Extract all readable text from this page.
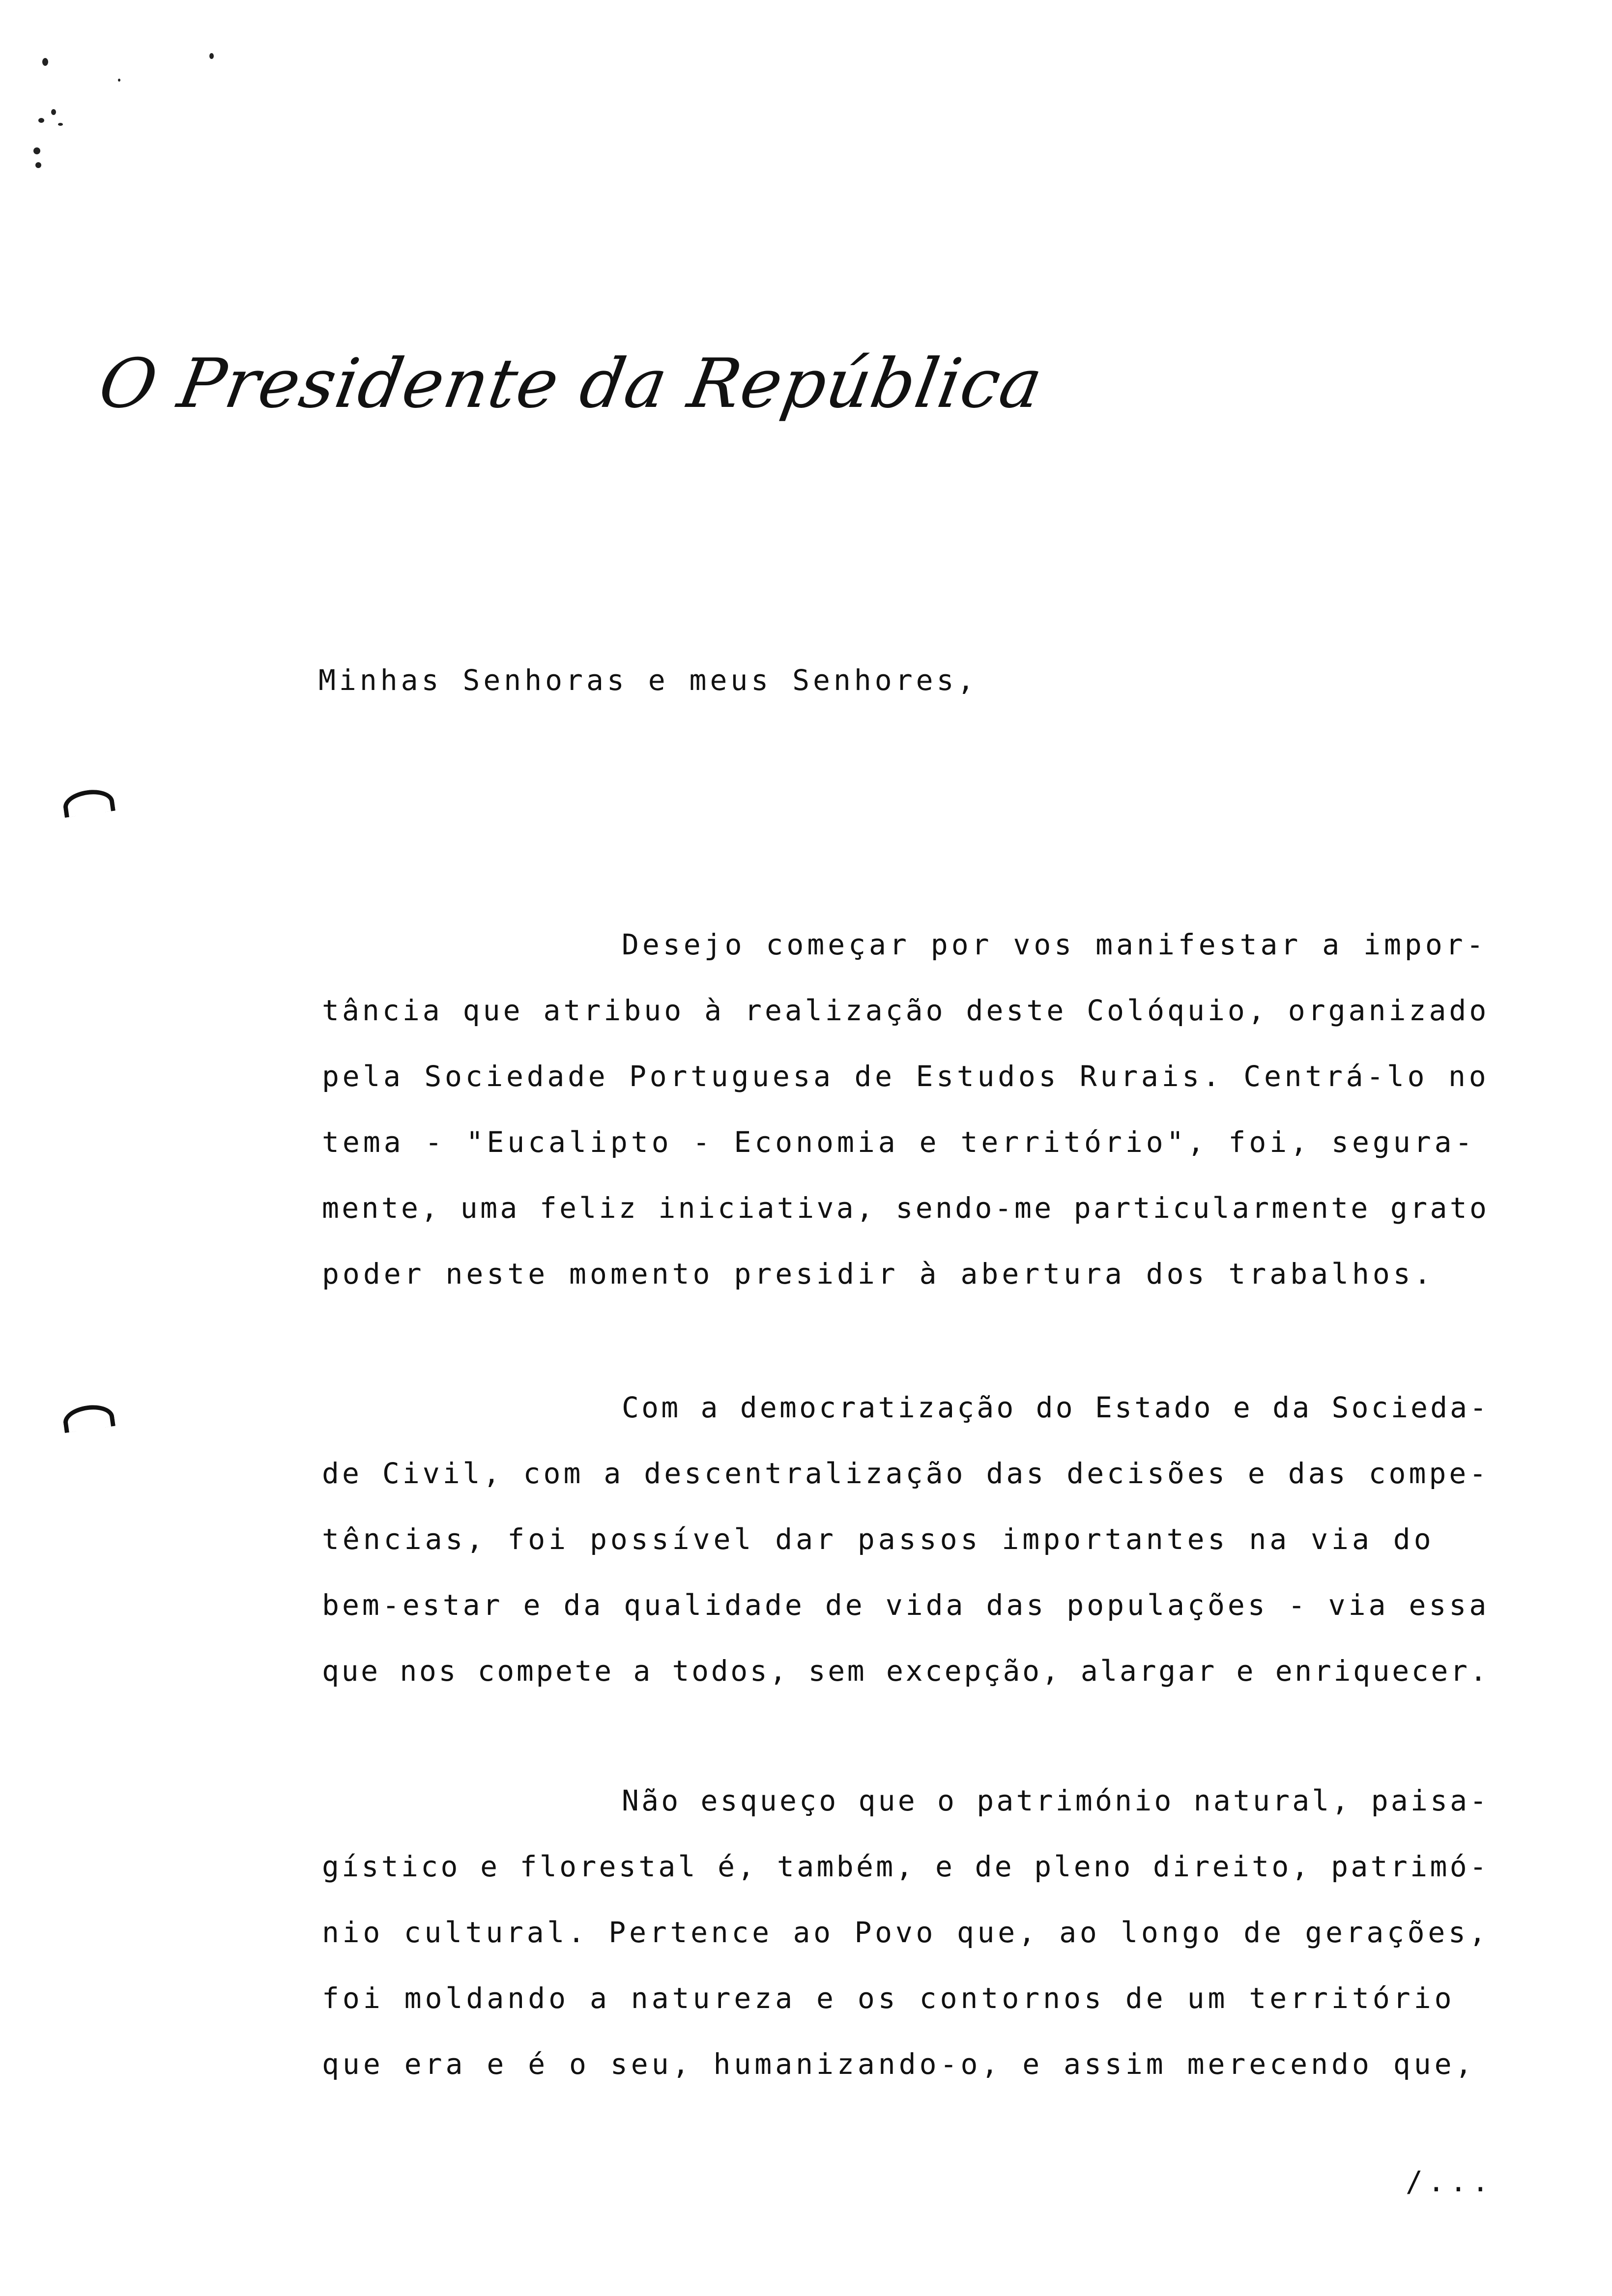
O Presidente da República
Minhas Senhoras e meus Senhores,
Desejo começar por vos manifestar a impor-
tância que atribuo à realização deste Colóquio, organizado
pela Sociedade Portuguesa de Estudos Rurais. Centrá-lo no
tema - "Eucalipto - Economia e território", foi, segura-
mente, uma feliz iniciativa, sendo-me particularmente grato
poder neste momento presidir à abertura dos trabalhos.
Com a democratização do Estado e da Socieda-
de Civil, com a descentralização das decisões e das compe-
tências, foi possível dar passos importantes na via do
bem-estar e da qualidade de vida das populações - via essa
que nos compete a todos, sem excepção, alargar e enriquecer.
Não esqueço que o património natural, paisa-
gístico e florestal é, também, e de pleno direito, patrimó-
nio cultural. Pertence ao Povo que, ao longo de gerações,
foi moldando a natureza e os contornos de um território
que era e é o seu, humanizando-o, e assim merecendo que,
/...
